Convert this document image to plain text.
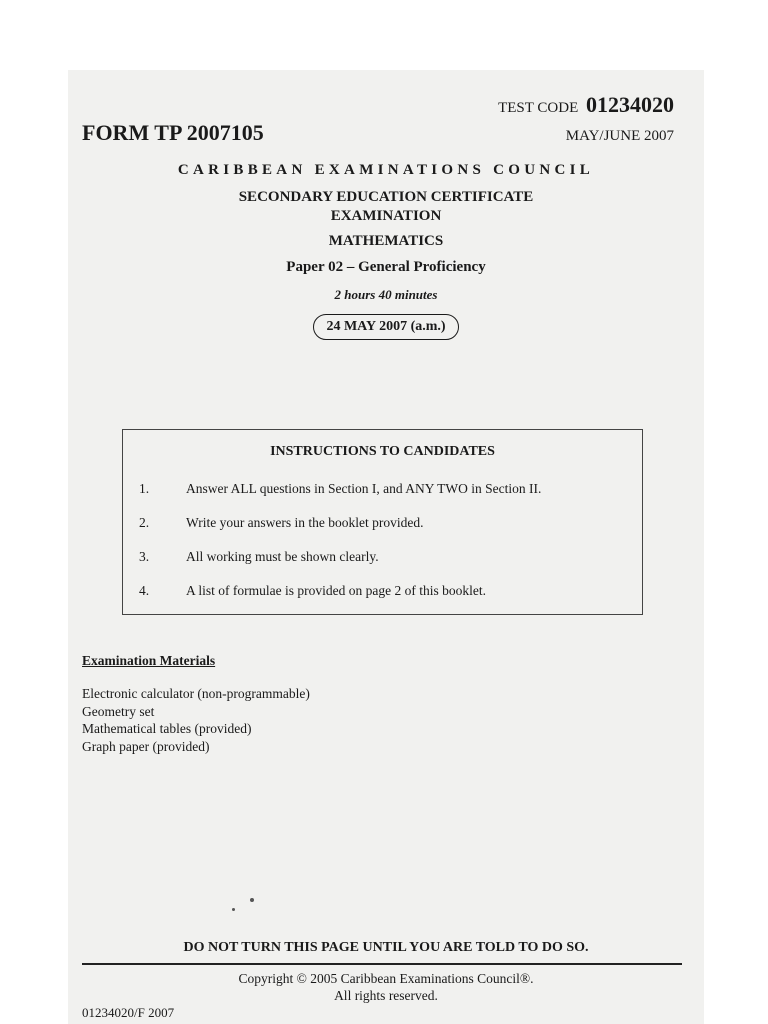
TEST CODE 01234020
FORM TP 2007105	MAY/JUNE 2007
CARIBBEAN EXAMINATIONS COUNCIL
SECONDARY EDUCATION CERTIFICATE
EXAMINATION
MATHEMATICS
Paper 02 – General Proficiency
2 hours 40 minutes
24 MAY 2007 (a.m.)
INSTRUCTIONS TO CANDIDATES
1.	Answer ALL questions in Section I, and ANY TWO in Section II.
2.	Write your answers in the booklet provided.
3.	All working must be shown clearly.
4.	A list of formulae is provided on page 2 of this booklet.
Examination Materials
Electronic calculator (non-programmable)
Geometry set
Mathematical tables (provided)
Graph paper (provided)
DO NOT TURN THIS PAGE UNTIL YOU ARE TOLD TO DO SO.
Copyright © 2005 Caribbean Examinations Council®.
All rights reserved.
01234020/F 2007
